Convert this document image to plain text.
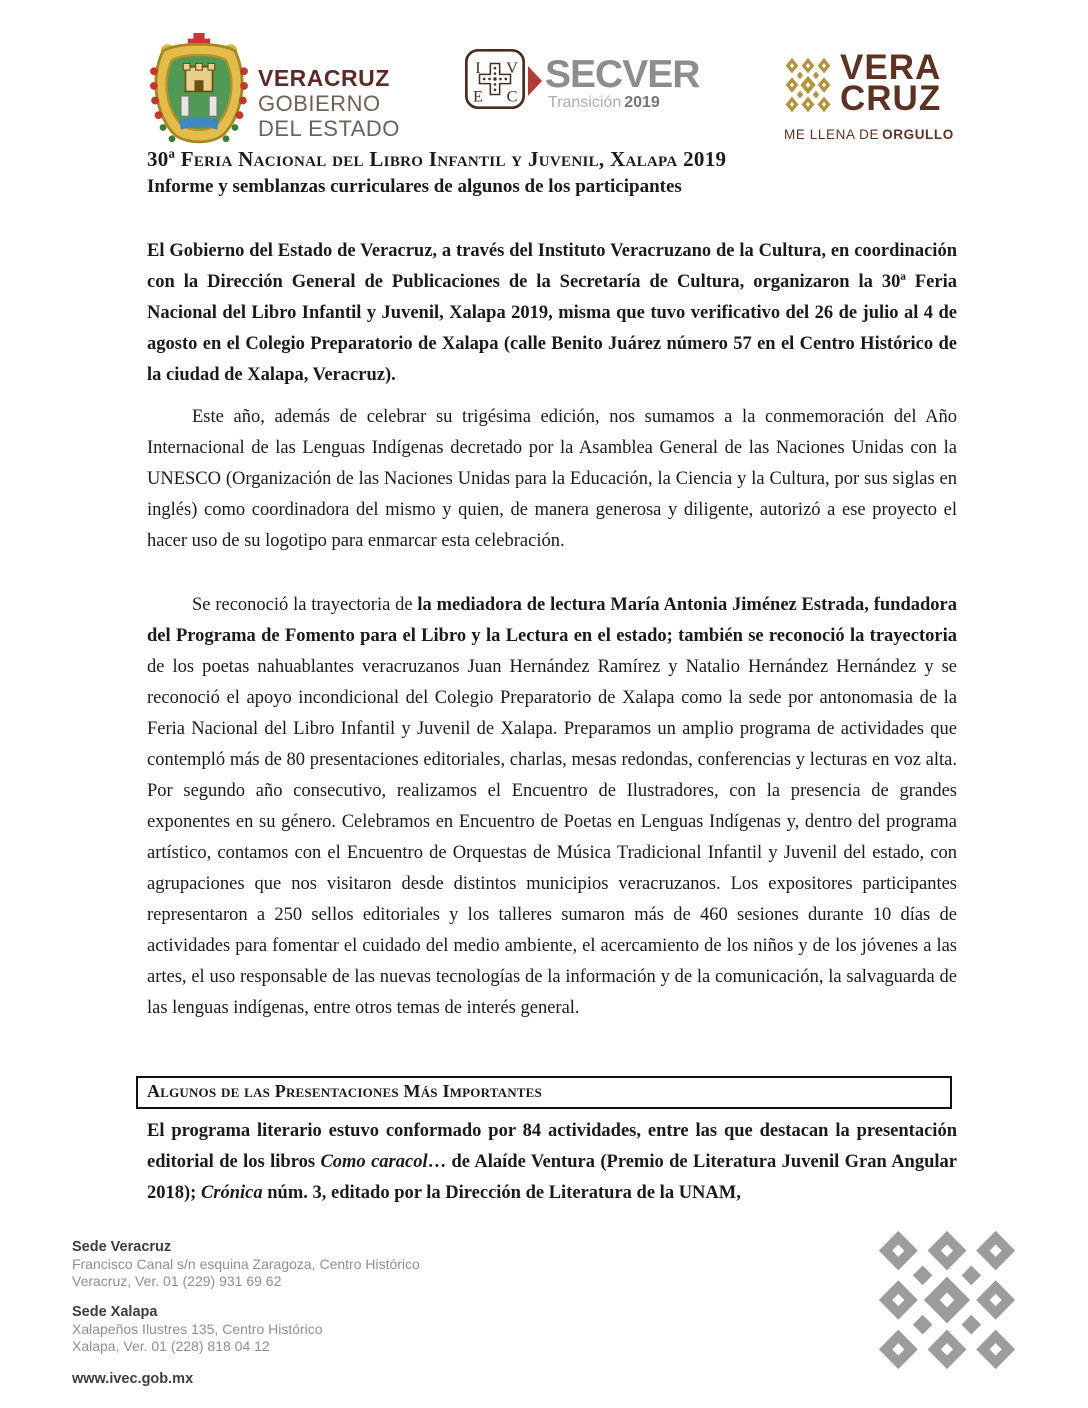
VERACRUZ
GOBIERNO
DEL ESTADO
I V
E C
SECVER
Transición 2019
VERA
CRUZ
ME LLENA DE ORGULLO
30ª Feria Nacional del Libro Infantil y Juvenil, Xalapa 2019
Informe y semblanzas curriculares de algunos de los participantes

El Gobierno del Estado de Veracruz, a través del Instituto Veracruzano de la Cultura, en coordinación con la Dirección General de Publicaciones de la Secretaría de Cultura, organizaron la 30ª Feria Nacional del Libro Infantil y Juvenil, Xalapa 2019, misma que tuvo verificativo del 26 de julio al 4 de agosto en el Colegio Preparatorio de Xalapa (calle Benito Juárez número 57 en el Centro Histórico de la ciudad de Xalapa, Veracruz).

Este año, además de celebrar su trigésima edición, nos sumamos a la conmemoración del Año Internacional de las Lenguas Indígenas decretado por la Asamblea General de las Naciones Unidas con la UNESCO (Organización de las Naciones Unidas para la Educación, la Ciencia y la Cultura, por sus siglas en inglés) como coordinadora del mismo y quien, de manera generosa y diligente, autorizó a ese proyecto el hacer uso de su logotipo para enmarcar esta celebración.

Se reconoció la trayectoria de la mediadora de lectura María Antonia Jiménez Estrada, fundadora del Programa de Fomento para el Libro y la Lectura en el estado; también se reconoció la trayectoria de los poetas nahuablantes veracruzanos Juan Hernández Ramírez y Natalio Hernández Hernández y se reconoció el apoyo incondicional del Colegio Preparatorio de Xalapa como la sede por antonomasia de la Feria Nacional del Libro Infantil y Juvenil de Xalapa. Preparamos un amplio programa de actividades que contempló más de 80 presentaciones editoriales, charlas, mesas redondas, conferencias y lecturas en voz alta. Por segundo año consecutivo, realizamos el Encuentro de Ilustradores, con la presencia de grandes exponentes en su género. Celebramos en Encuentro de Poetas en Lenguas Indígenas y, dentro del programa artístico, contamos con el Encuentro de Orquestas de Música Tradicional Infantil y Juvenil del estado, con agrupaciones que nos visitaron desde distintos municipios veracruzanos. Los expositores participantes representaron a 250 sellos editoriales y los talleres sumaron más de 460 sesiones durante 10 días de actividades para fomentar el cuidado del medio ambiente, el acercamiento de los niños y de los jóvenes a las artes, el uso responsable de las nuevas tecnologías de la información y de la comunicación, la salvaguarda de las lenguas indígenas, entre otros temas de interés general.

Algunos de las Presentaciones Más Importantes

El programa literario estuvo conformado por 84 actividades, entre las que destacan la presentación editorial de los libros Como caracol… de Alaíde Ventura (Premio de Literatura Juvenil Gran Angular 2018); Crónica núm. 3, editado por la Dirección de Literatura de la UNAM,

Sede Veracruz
Francisco Canal s/n esquina Zaragoza, Centro Histórico
Veracruz, Ver. 01 (229) 931 69 62
Sede Xalapa
Xalapeños Ilustres 135, Centro Histórico
Xalapa, Ver. 01 (228) 818 04 12
www.ivec.gob.mx
